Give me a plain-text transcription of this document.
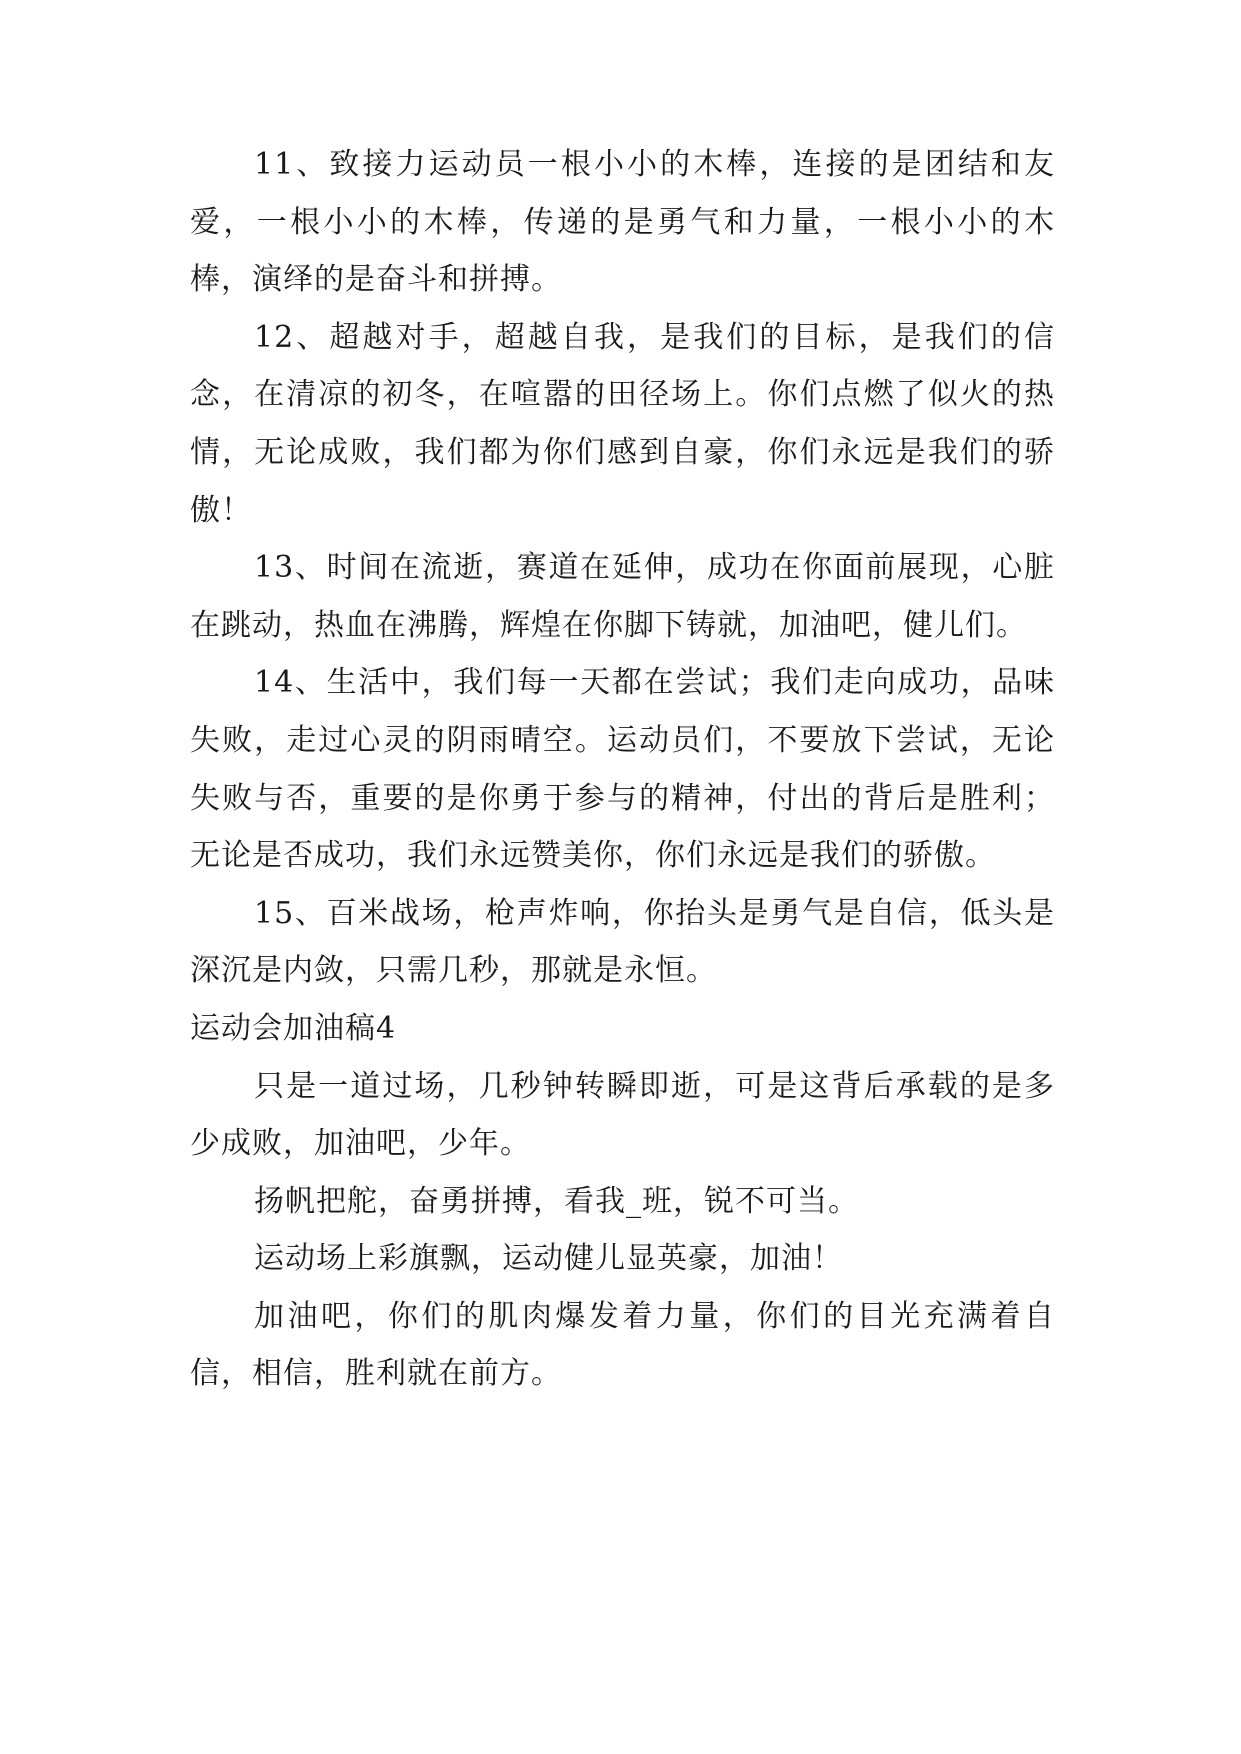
11、致接力运动员一根小小的木棒，连接的是团结和友爱，一根小小的木棒，传递的是勇气和力量，一根小小的木棒，演绎的是奋斗和拼搏。

12、超越对手，超越自我，是我们的目标，是我们的信念，在清凉的初冬，在喧嚣的田径场上。你们点燃了似火的热情，无论成败，我们都为你们感到自豪，你们永远是我们的骄傲！

13、时间在流逝，赛道在延伸，成功在你面前展现，心脏在跳动，热血在沸腾，辉煌在你脚下铸就，加油吧，健儿们。

14、生活中，我们每一天都在尝试；我们走向成功，品味失败，走过心灵的阴雨晴空。运动员们，不要放下尝试，无论失败与否，重要的是你勇于参与的精神，付出的背后是胜利；无论是否成功，我们永远赞美你，你们永远是我们的骄傲。

15、百米战场，枪声炸响，你抬头是勇气是自信，低头是深沉是内敛，只需几秒，那就是永恒。

运动会加油稿4

只是一道过场，几秒钟转瞬即逝，可是这背后承载的是多少成败，加油吧，少年。

扬帆把舵，奋勇拼搏，看我_班，锐不可当。

运动场上彩旗飘，运动健儿显英豪，加油！

加油吧，你们的肌肉爆发着力量，你们的目光充满着自信，相信，胜利就在前方。
